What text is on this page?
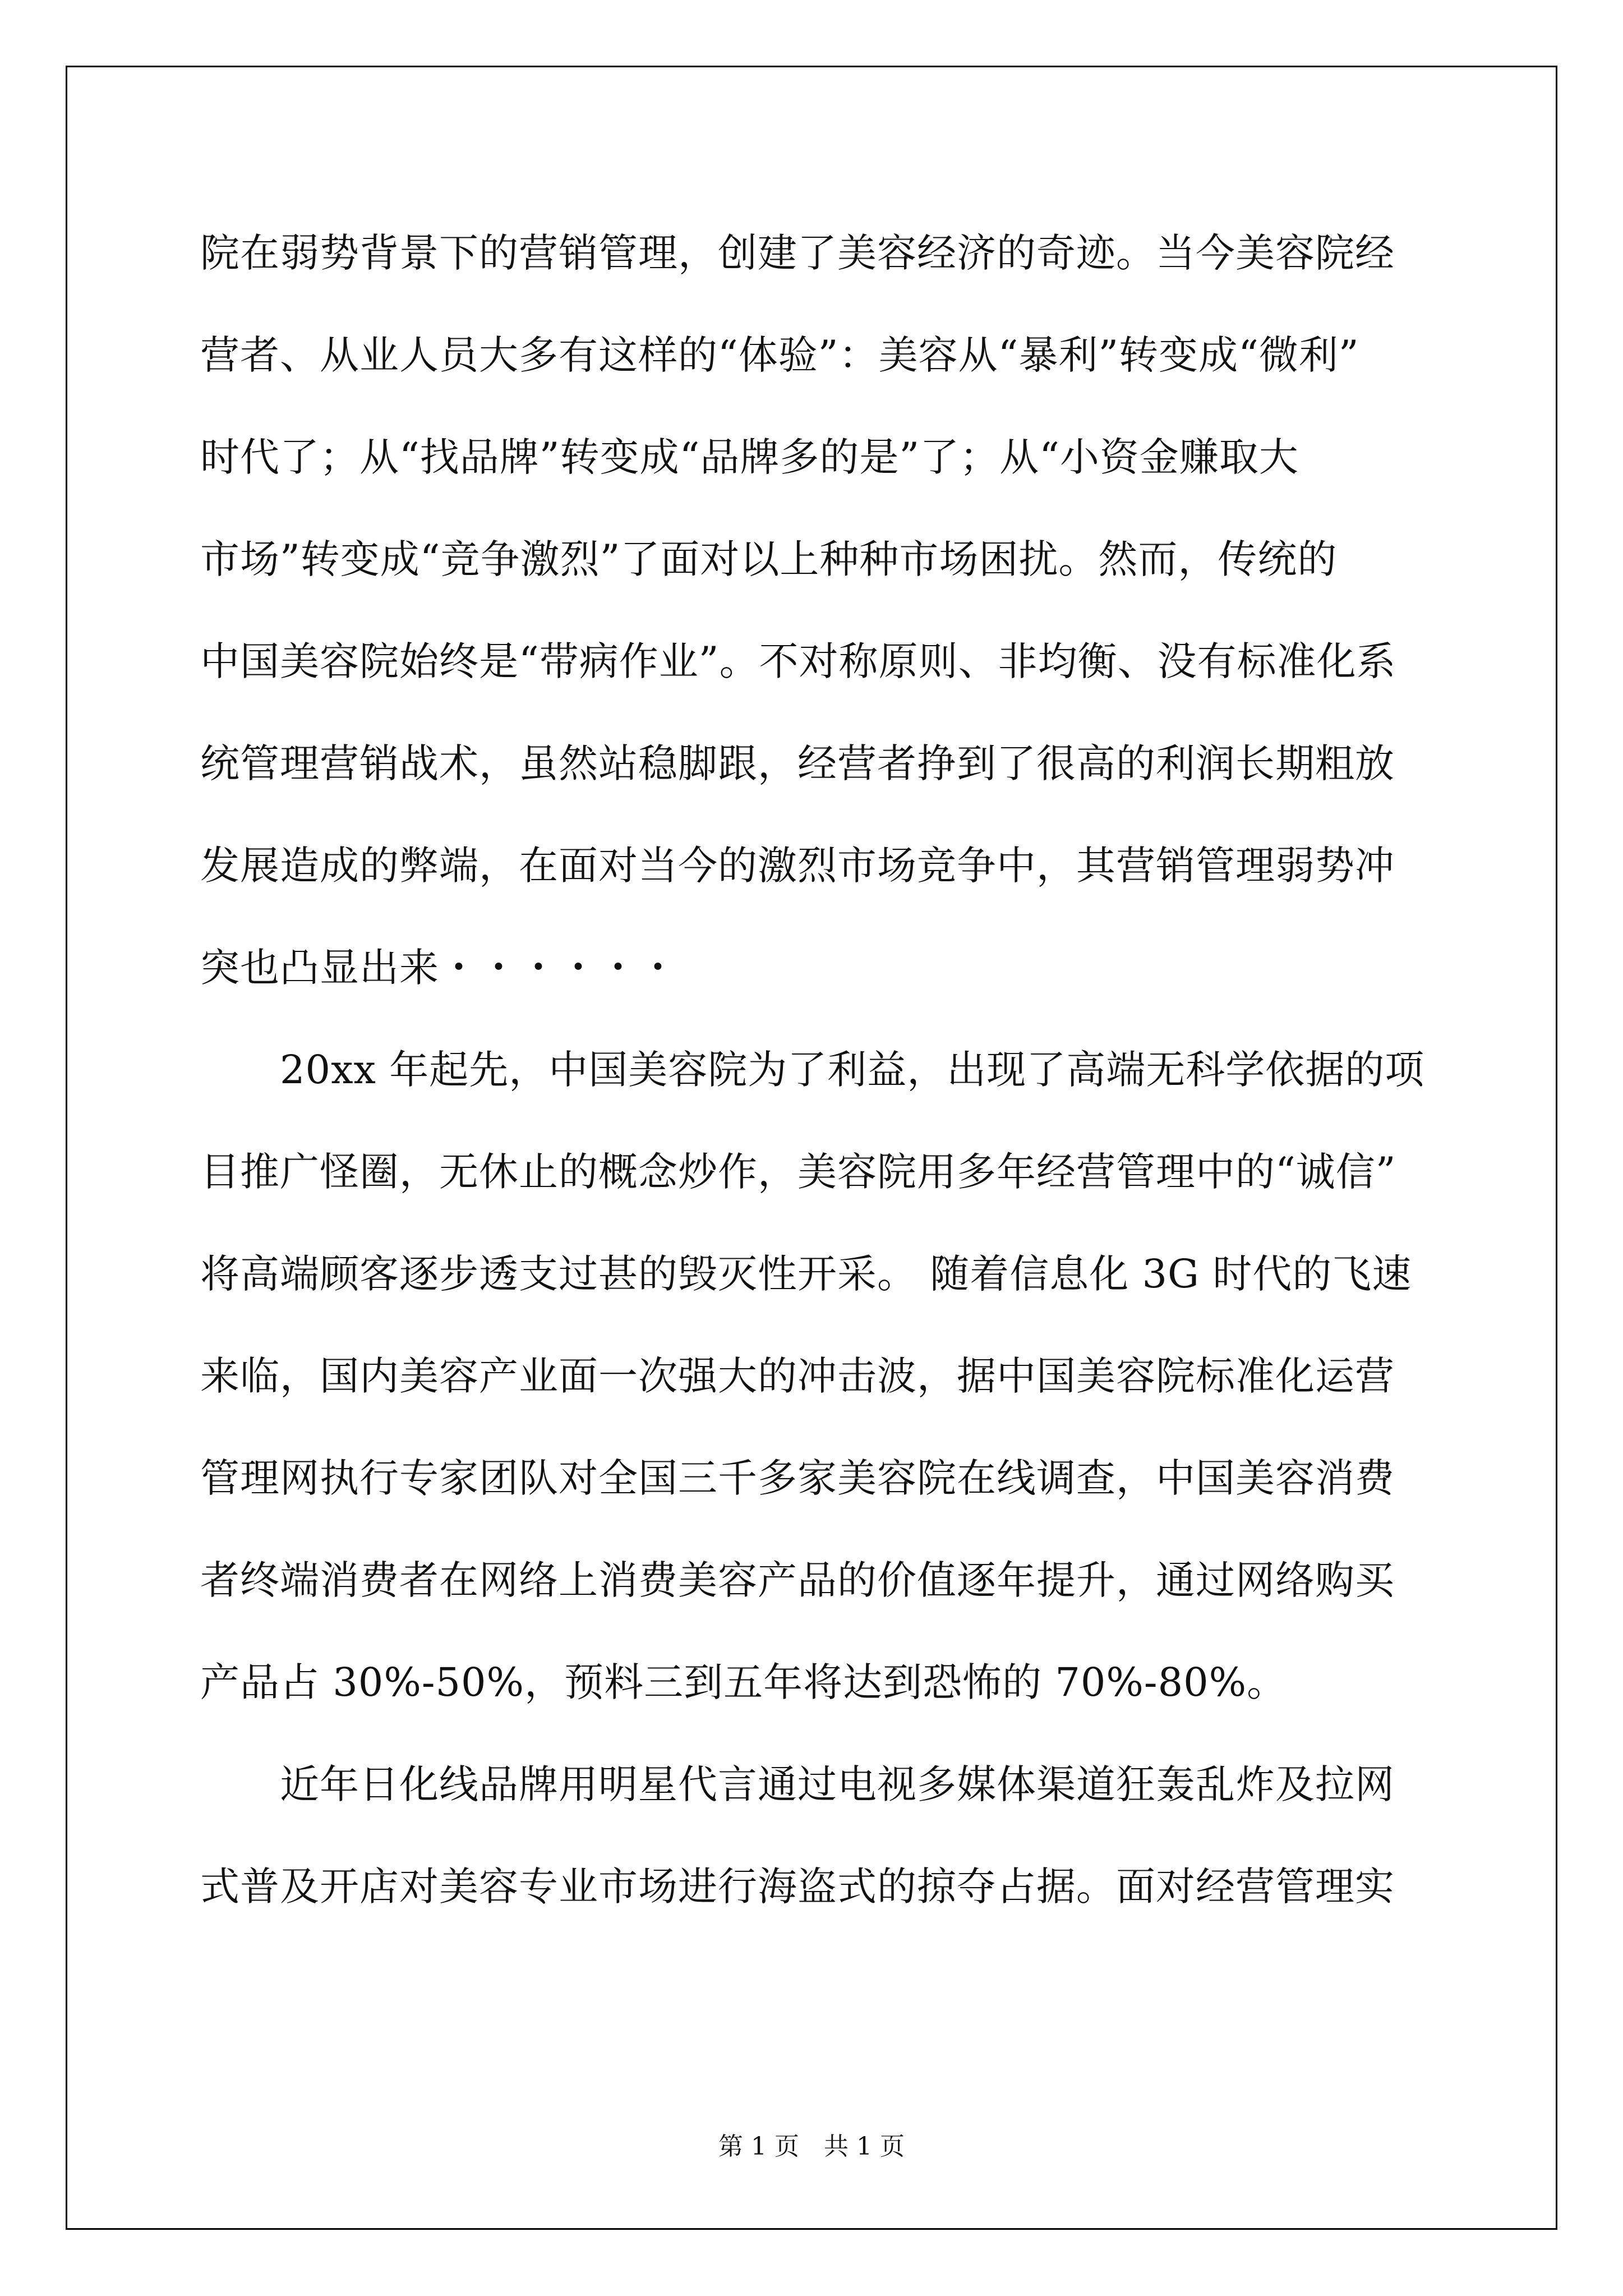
院在弱势背景下的营销管理，创建了美容经济的奇迹。当今美容院经
营者、从业人员大多有这样的“体验”：美容从“暴利”转变成“微利”
时代了；从“找品牌”转变成“品牌多的是”了；从“小资金赚取大
市场”转变成“竞争激烈”了面对以上种种市场困扰。然而，传统的
中国美容院始终是“带病作业”。不对称原则、非均衡、没有标准化系
统管理营销战术，虽然站稳脚跟，经营者挣到了很高的利润长期粗放
发展造成的弊端，在面对当今的激烈市场竞争中，其营销管理弱势冲
突也凸显出来・・・・・・
20xx 年起先，中国美容院为了利益，出现了高端无科学依据的项
目推广怪圈，无休止的概念炒作，美容院用多年经营管理中的“诚信”
将高端顾客逐步透支过甚的毁灭性开采。 随着信息化 3G 时代的飞速
来临，国内美容产业面一次强大的冲击波，据中国美容院标准化运营
管理网执行专家团队对全国三千多家美容院在线调查，中国美容消费
者终端消费者在网络上消费美容产品的价值逐年提升，通过网络购买
产品占 30%-50%，预料三到五年将达到恐怖的 70%-80%。
近年日化线品牌用明星代言通过电视多媒体渠道狂轰乱炸及拉网
式普及开店对美容专业市场进行海盗式的掠夺占据。面对经营管理实
第 1 页　共 1 页
